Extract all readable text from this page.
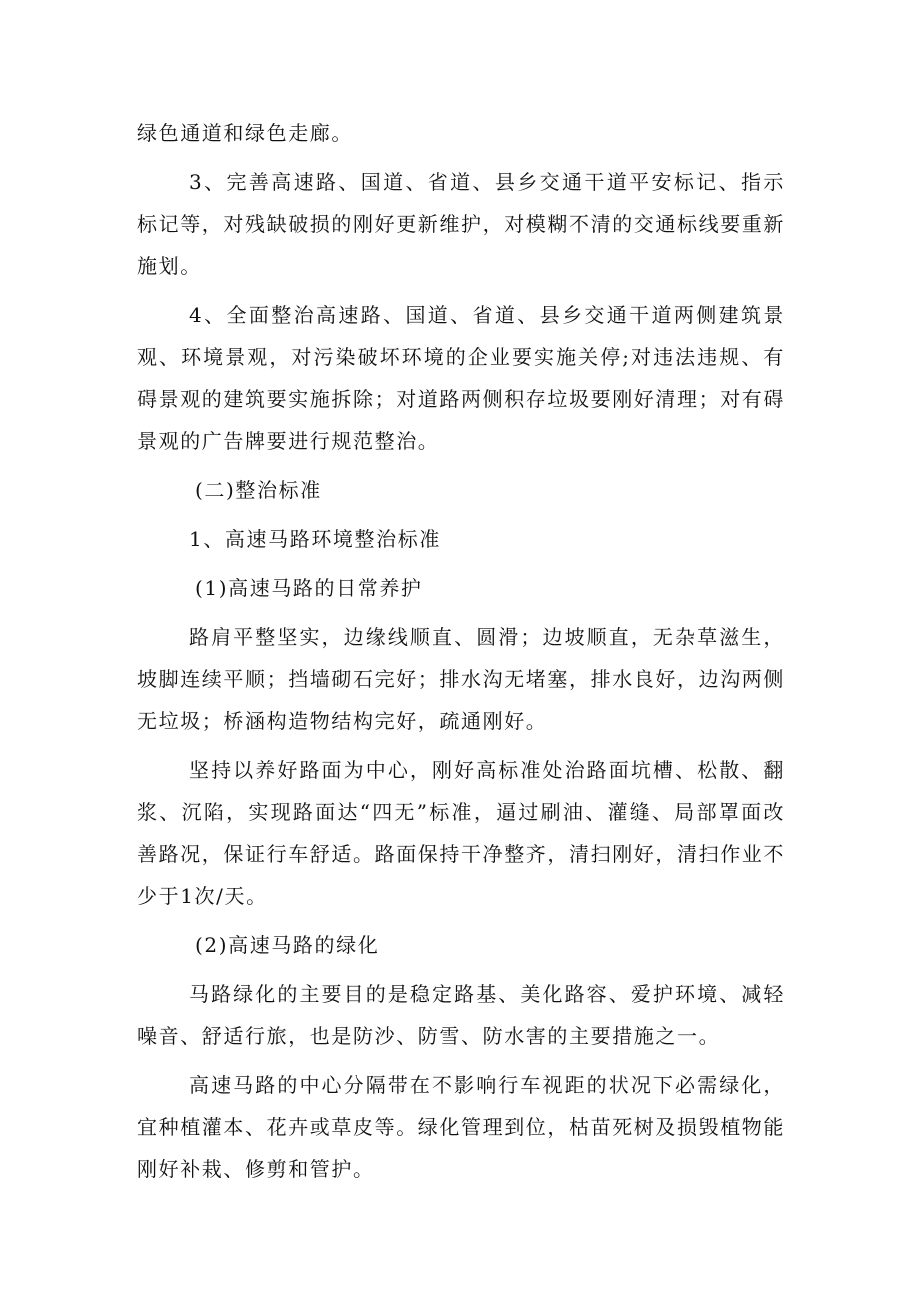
绿色通道和绿色走廊。

3、完善高速路、国道、省道、县乡交通干道平安标记、指示标记等，对残缺破损的刚好更新维护，对模糊不清的交通标线要重新施划。

4、全面整治高速路、国道、省道、县乡交通干道两侧建筑景观、环境景观，对污染破坏环境的企业要实施关停;对违法违规、有碍景观的建筑要实施拆除；对道路两侧积存垃圾要刚好清理；对有碍景观的广告牌要进行规范整治。

(二)整治标准

1、高速马路环境整治标准

(1)高速马路的日常养护

路肩平整坚实，边缘线顺直、圆滑；边坡顺直，无杂草滋生，坡脚连续平顺；挡墙砌石完好；排水沟无堵塞，排水良好，边沟两侧无垃圾；桥涵构造物结构完好，疏通刚好。

坚持以养好路面为中心，刚好高标准处治路面坑槽、松散、翻浆、沉陷，实现路面达“四无”标准，逼过刷油、灌缝、局部罩面改善路况，保证行车舒适。路面保持干净整齐，清扫刚好，清扫作业不少于1次/天。

(2)高速马路的绿化

马路绿化的主要目的是稳定路基、美化路容、爱护环境、减轻噪音、舒适行旅，也是防沙、防雪、防水害的主要措施之一。

高速马路的中心分隔带在不影响行车视距的状况下必需绿化，宜种植灌本、花卉或草皮等。绿化管理到位，枯苗死树及损毁植物能刚好补栽、修剪和管护。
